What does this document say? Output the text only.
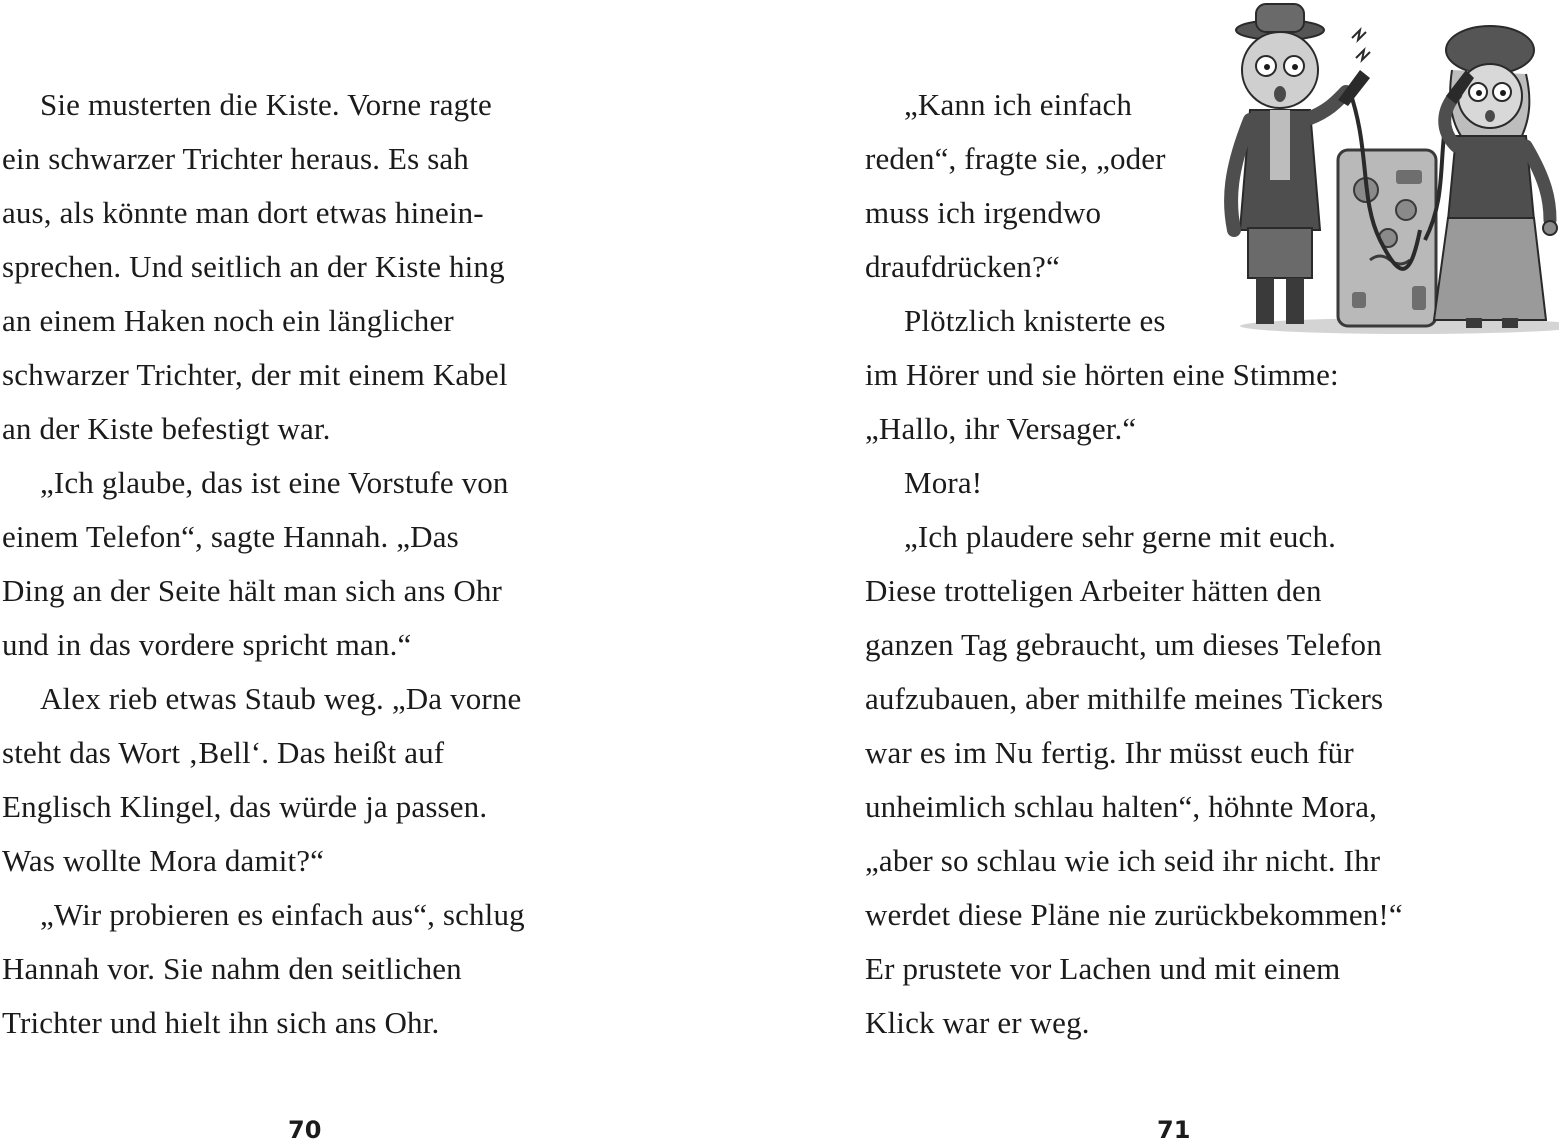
Sie musterten die Kiste. Vorne ragte
ein schwarzer Trichter heraus. Es sah
aus, als könnte man dort etwas hinein-
sprechen. Und seitlich an der Kiste hing
an einem Haken noch ein länglicher
schwarzer Trichter, der mit einem Kabel
an der Kiste befestigt war.
„Ich glaube, das ist eine Vorstufe von
einem Telefon“, sagte Hannah. „Das
Ding an der Seite hält man sich ans Ohr
und in das vordere spricht man.“
Alex rieb etwas Staub weg. „Da vorne
steht das Wort ‚Bell‘. Das heißt auf
Englisch Klingel, das würde ja passen.
Was wollte Mora damit?“
„Wir probieren es einfach aus“, schlug
Hannah vor. Sie nahm den seitlichen
Trichter und hielt ihn sich ans Ohr.
70
„Kann ich einfach
reden“, fragte sie, „oder
muss ich irgendwo
draufdrücken?“
Plötzlich knisterte es
im Hörer und sie hörten eine Stimme:
„Hallo, ihr Versager.“
Mora!
„Ich plaudere sehr gerne mit euch.
Diese trotteligen Arbeiter hätten den
ganzen Tag gebraucht, um dieses Telefon
aufzubauen, aber mithilfe meines Tickers
war es im Nu fertig. Ihr müsst euch für
unheimlich schlau halten“, höhnte Mora,
„aber so schlau wie ich seid ihr nicht. Ihr
werdet diese Pläne nie zurückbekommen!“
Er prustete vor Lachen und mit einem
Klick war er weg.
71
